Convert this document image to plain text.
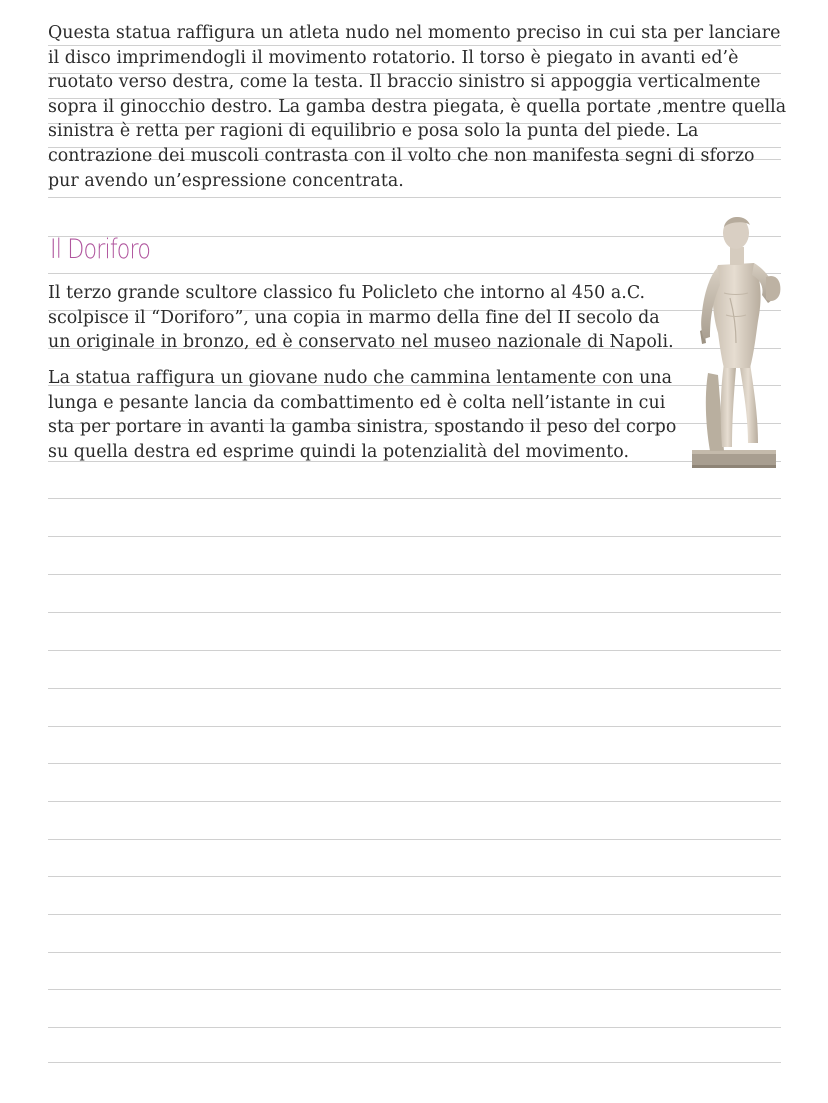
Questa statua raffigura un atleta nudo nel momento preciso in cui sta per lanciare
il disco imprimendogli il movimento rotatorio. Il torso è piegato in avanti ed’è
ruotato verso destra, come la testa. Il braccio sinistro si appoggia verticalmente
sopra il ginocchio destro. La gamba destra piegata, è quella portate ,mentre quella
sinistra è retta per ragioni di equilibrio e posa solo la punta del piede. La
contrazione dei muscoli contrasta con il volto che non manifesta segni di sforzo
pur avendo un’espressione concentrata.
Il Doriforo
Il terzo grande scultore classico fu Policleto che intorno al 450 a.C.
scolpisce il “Doriforo”, una copia in marmo della fine del II secolo da
un originale in bronzo, ed è conservato nel museo nazionale di Napoli.
La statua raffigura un giovane nudo che cammina lentamente con una
lunga e pesante lancia da combattimento ed è colta nell’istante in cui
sta per portare in avanti la gamba sinistra, spostando il peso del corpo
su quella destra ed esprime quindi la potenzialità del movimento.
